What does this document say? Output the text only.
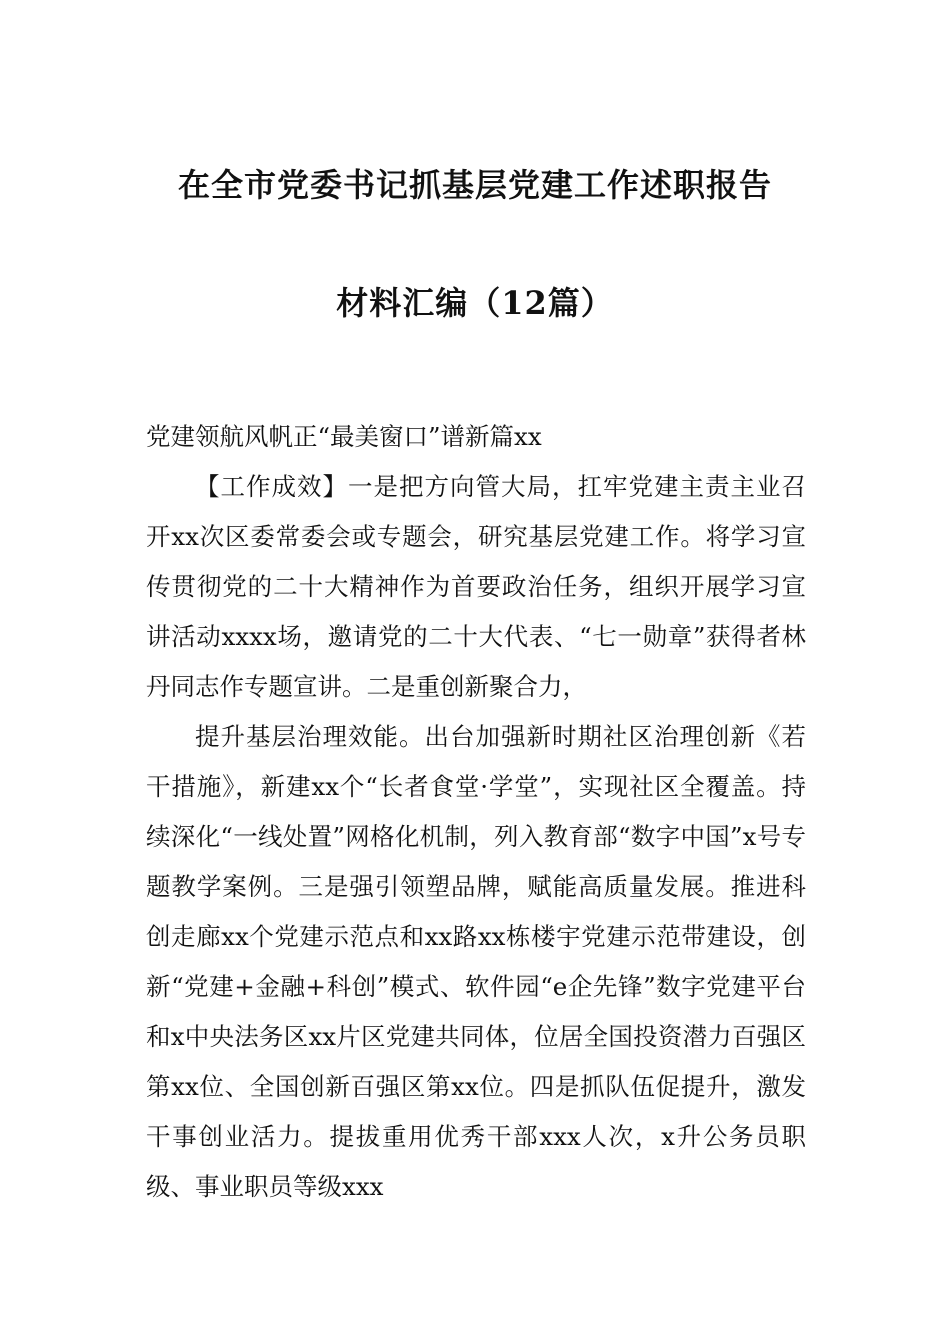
在全市党委书记抓基层党建工作述职报告
材料汇编（12篇）

党建领航风帆正“最美窗口”谱新篇xx

【工作成效】一是把方向管大局，扛牢党建主责主业召开xx次区委常委会或专题会，研究基层党建工作。将学习宣传贯彻党的二十大精神作为首要政治任务，组织开展学习宣讲活动xxxx场，邀请党的二十大代表、“七一勋章”获得者林丹同志作专题宣讲。二是重创新聚合力，

提升基层治理效能。出台加强新时期社区治理创新《若干措施》，新建xx个“长者食堂·学堂”，实现社区全覆盖。持续深化“一线处置”网格化机制，列入教育部“数字中国”x号专题教学案例。三是强引领塑品牌，赋能高质量发展。推进科创走廊xx个党建示范点和xx路xx栋楼宇党建示范带建设，创新“党建+金融+科创”模式、软件园“e企先锋”数字党建平台和x中央法务区xx片区党建共同体，位居全国投资潜力百强区第xx位、全国创新百强区第xx位。四是抓队伍促提升，激发干事创业活力。提拔重用优秀干部xxx人次，x升公务员职级、事业职员等级xxx
